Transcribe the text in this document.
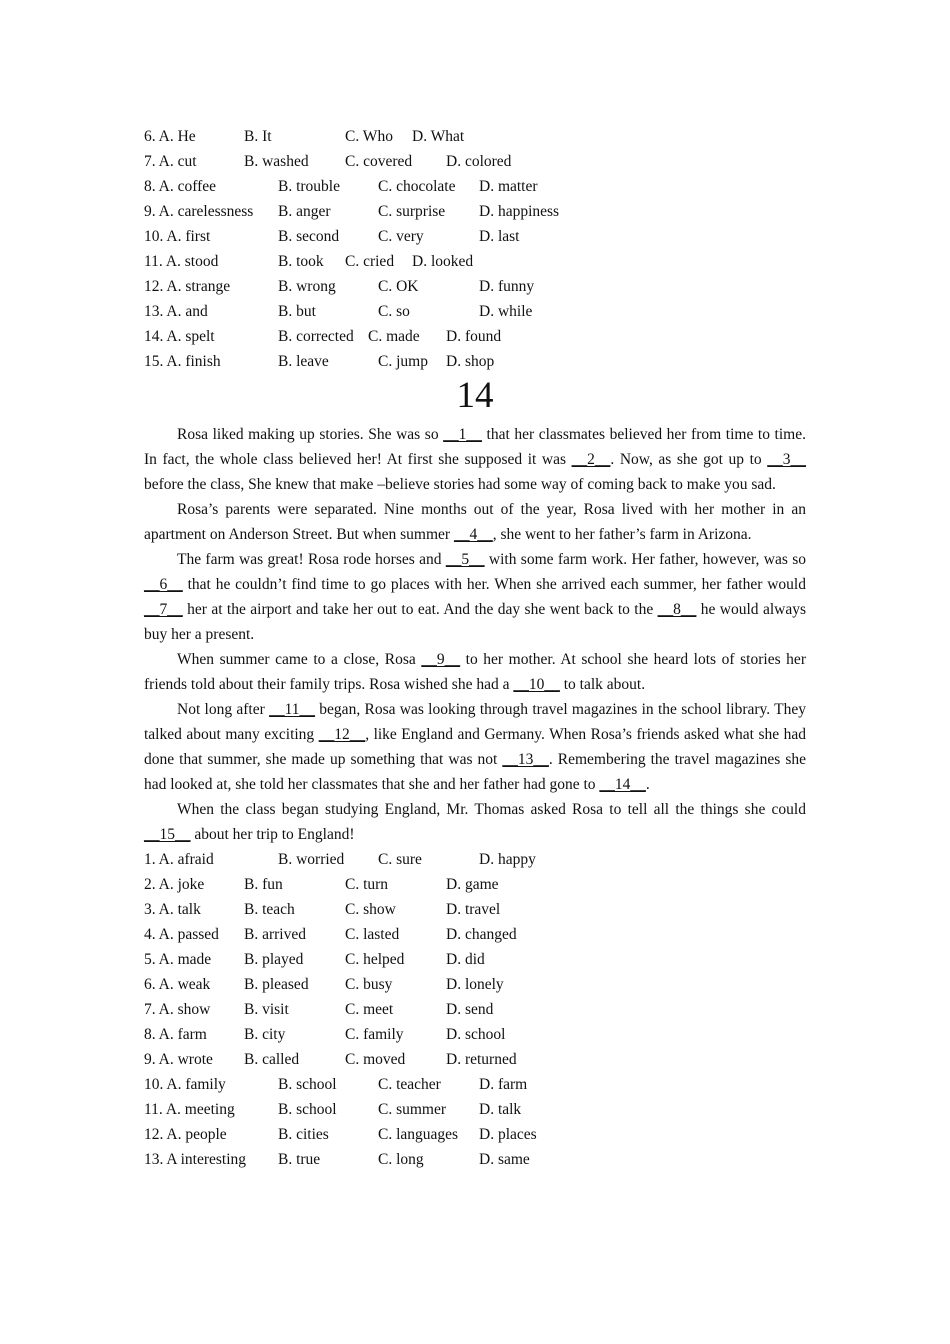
6. A. He	B. It	C. Who D. What
7. A. cut	B. washed C. covered D. colored
8. A. coffee	B. trouble C. chocolate D. matter
9. A. carelessness B. anger	C. surprise D. happiness
10. A. first	B. second	C. very	D. last
11. A. stood	B. took C. cried D. looked
12. A. strange	B. wrong	C. OK	D. funny
13. A. and	B. but	C. so	D. while
14. A. spelt	B. corrected C. made D. found
15. A. finish	B. leave	C. jump D. shop
14

Rosa liked making up stories. She was so __1__ that her classmates believed her from time to time. In fact, the whole class believed her! At first she supposed it was __2__. Now, as she got up to __3__ before the class, She knew that make –believe stories had some way of coming back to make you sad.

Rosa’s parents were separated. Nine months out of the year, Rosa lived with her mother in an apartment on Anderson Street. But when summer __4__, she went to her father’s farm in Arizona.

The farm was great! Rosa rode horses and __5__ with some farm work. Her father, however, was so __6__ that he couldn’t find time to go places with her. When she arrived each summer, her father would __7__ her at the airport and take her out to eat. And the day she went back to the __8__ he would always buy her a present.

When summer came to a close, Rosa __9__ to her mother. At school she heard lots of stories her friends told about their family trips. Rosa wished she had a __10__ to talk about.

Not long after __11__ began, Rosa was looking through travel magazines in the school library. They talked about many exciting __12__, like England and Germany. When Rosa’s friends asked what she had done that summer, she made up something that was not __13__. Remembering the travel magazines she had looked at, she told her classmates that she and her father had gone to __14__.

When the class began studying England, Mr. Thomas asked Rosa to tell all the things she could __15__ about her trip to England!

1. A. afraid	B. worried C. sure	D. happy
2. A. joke	B. fun	C. turn	D. game
3. A. talk	B. teach	C. show	D. travel
4. A. passed B. arrived	C. lasted	D. changed
5. A. made B. played	C. helped	D. did
6. A. weak B. pleased C. busy	D. lonely
7. A. show B. visit	C. meet	D. send
8. A. farm B. city	C. family	D. school
9. A. wrote B. called	C. moved	D. returned
10. A. family	B. school	C. teacher D. farm
11. A. meeting	B. school	C. summer D. talk
12. A. people	B. cities	C. languages D. places
13. A interesting B. true	C. long	D. same
